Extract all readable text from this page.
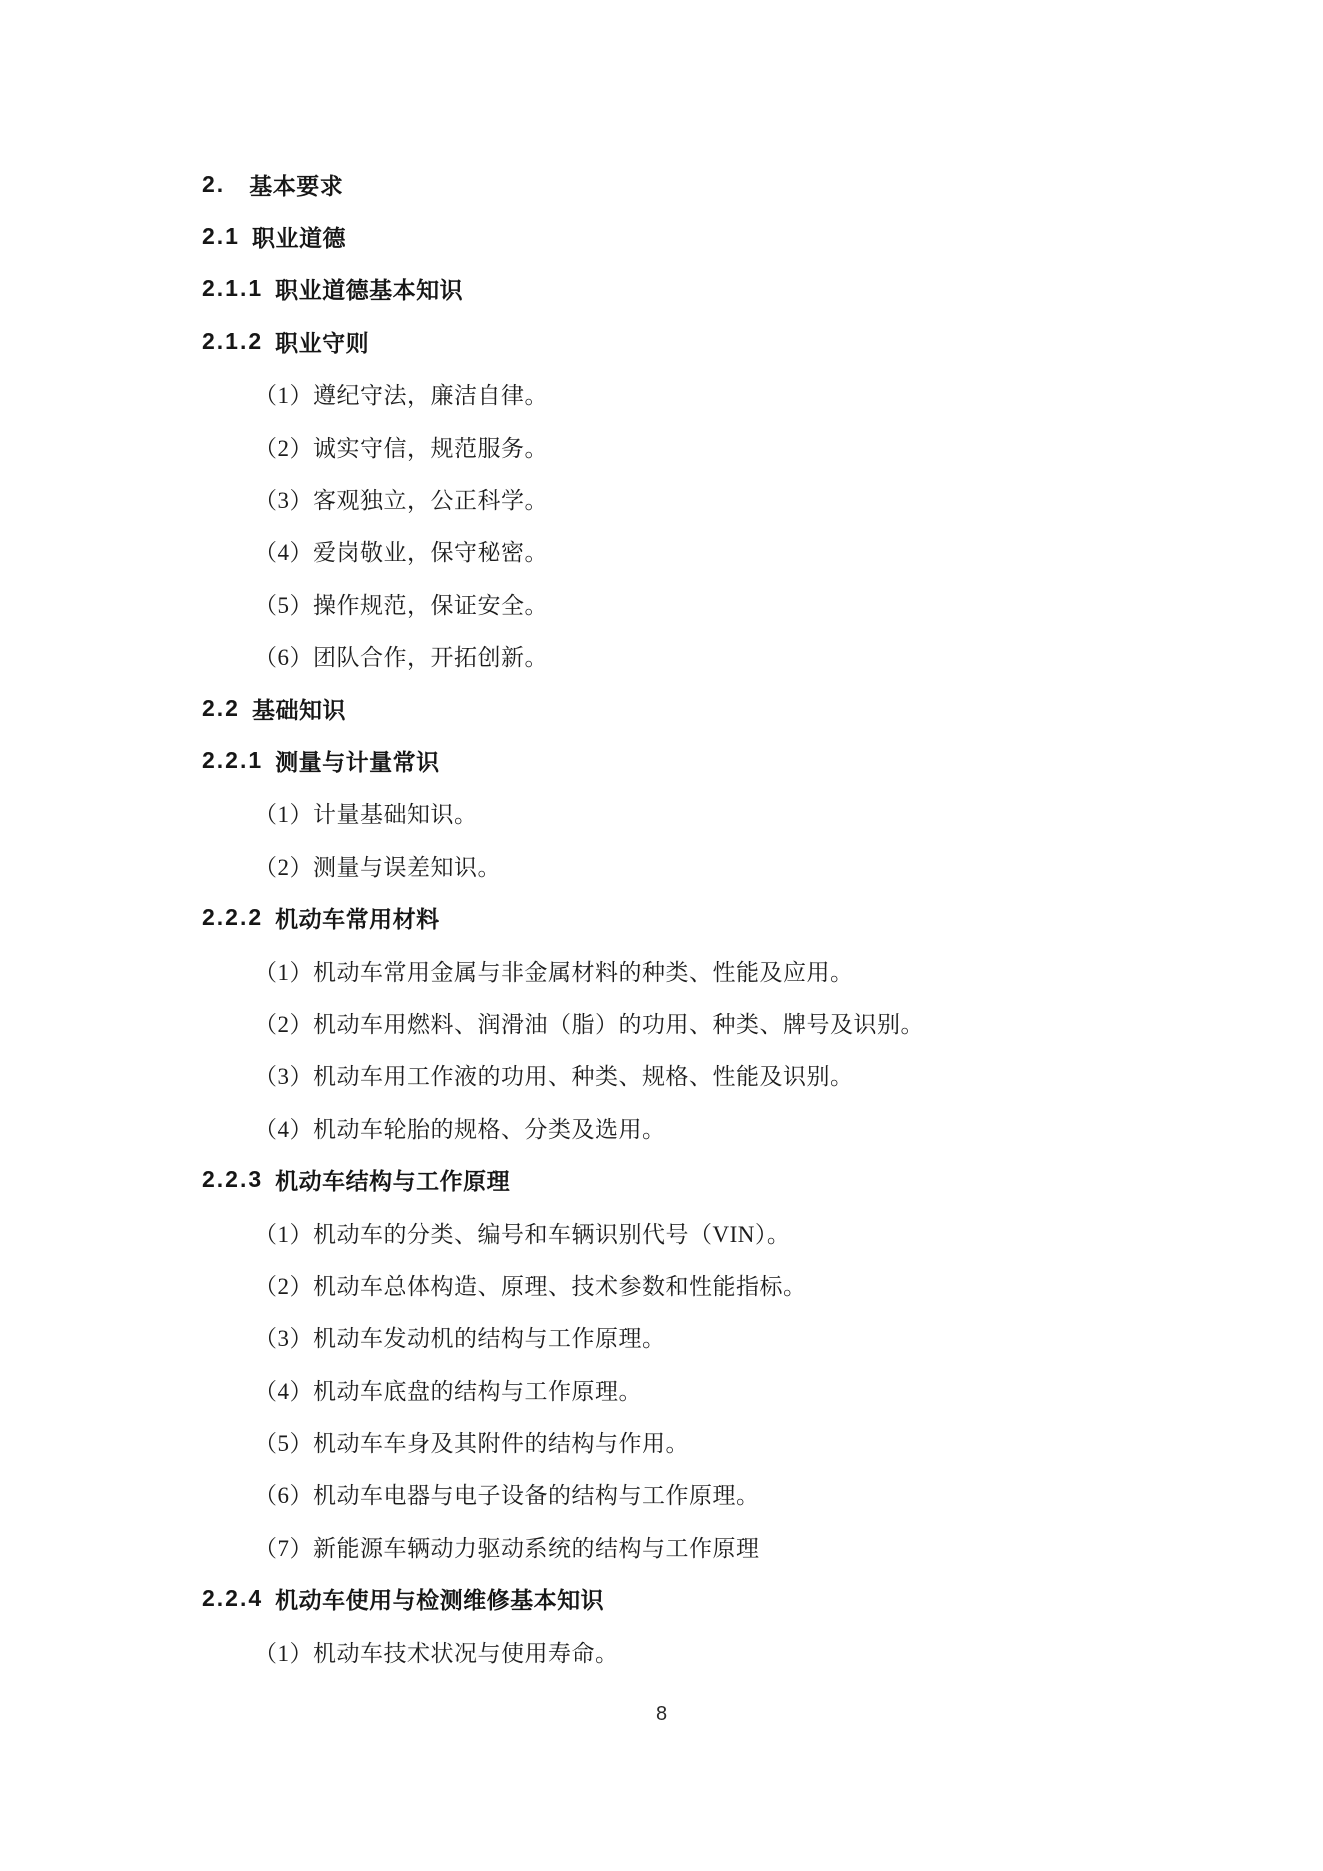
2. 基本要求
2.1 职业道德
2.1.1 职业道德基本知识
2.1.2 职业守则
（1）遵纪守法，廉洁自律。
（2）诚实守信，规范服务。
（3）客观独立，公正科学。
（4）爱岗敬业，保守秘密。
（5）操作规范，保证安全。
（6）团队合作，开拓创新。
2.2 基础知识
2.2.1 测量与计量常识
（1）计量基础知识。
（2）测量与误差知识。
2.2.2 机动车常用材料
（1）机动车常用金属与非金属材料的种类、性能及应用。
（2）机动车用燃料、润滑油（脂）的功用、种类、牌号及识别。
（3）机动车用工作液的功用、种类、规格、性能及识别。
（4）机动车轮胎的规格、分类及选用。
2.2.3 机动车结构与工作原理
（1）机动车的分类、编号和车辆识别代号（VIN）。
（2）机动车总体构造、原理、技术参数和性能指标。
（3）机动车发动机的结构与工作原理。
（4）机动车底盘的结构与工作原理。
（5）机动车车身及其附件的结构与作用。
（6）机动车电器与电子设备的结构与工作原理。
（7）新能源车辆动力驱动系统的结构与工作原理
2.2.4 机动车使用与检测维修基本知识
（1）机动车技术状况与使用寿命。
8
